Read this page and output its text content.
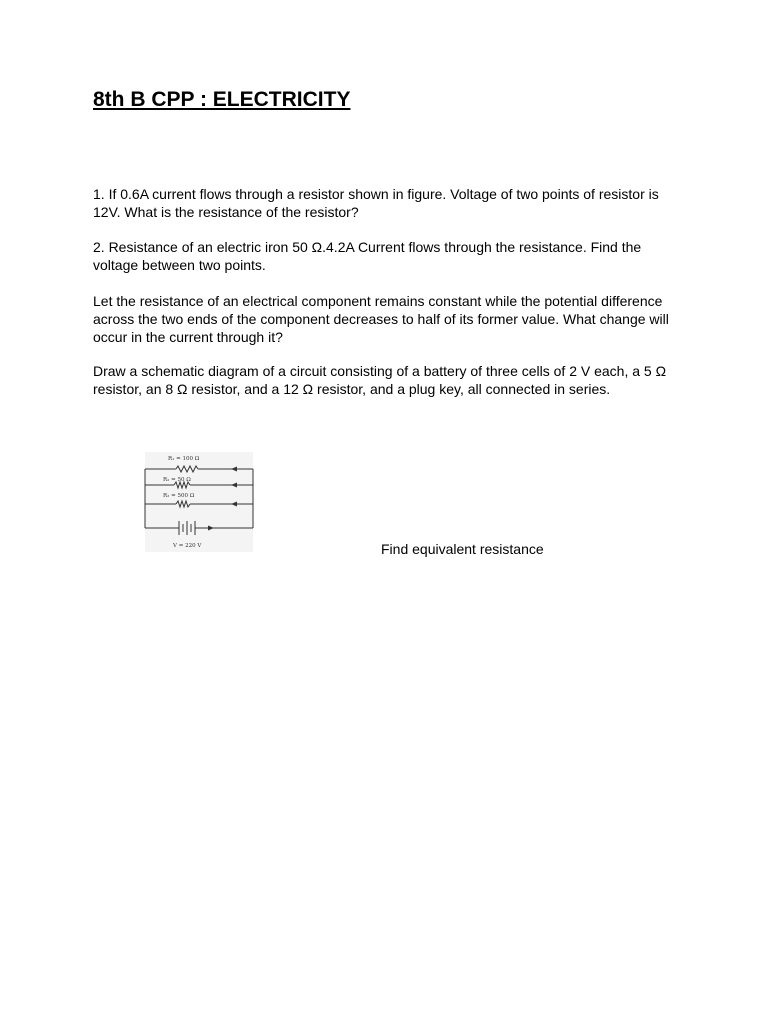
8th B CPP : ELECTRICITY

1. If 0.6A current flows through a resistor shown in figure. Voltage of two points of resistor is 12V. What is the resistance of the resistor?

2. Resistance of an electric iron 50 Ω.4.2A Current flows through the resistance. Find the voltage between two points.

Let the resistance of an electrical component remains constant while the potential difference across the two ends of the component decreases to half of its former value. What change will occur in the current through it?

Draw a schematic diagram of a circuit consisting of a battery of three cells of 2 V each, a 5 Ω resistor, an 8 Ω resistor, and a 12 Ω resistor, and a plug key, all connected in series.

R₁ = 100 Ω
R₂ = 50 Ω
R₃ = 500 Ω
V = 220 V	Find equivalent resistance
